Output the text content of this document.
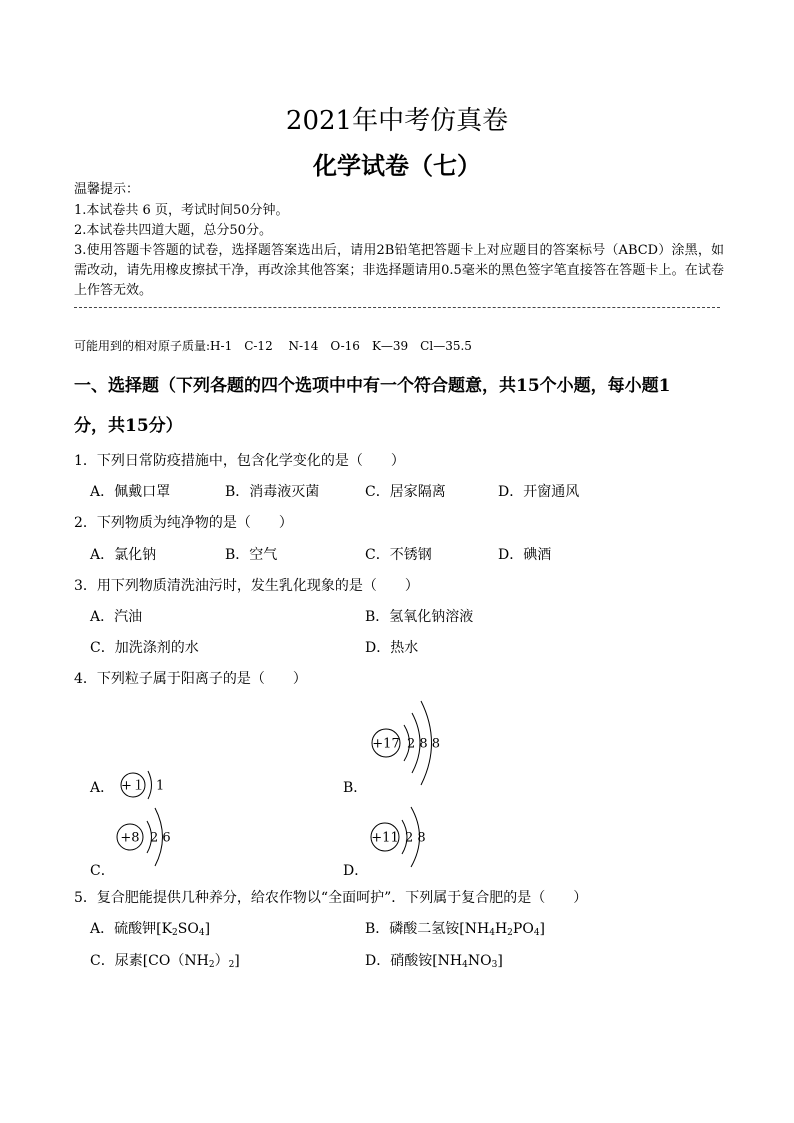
2021年中考仿真卷
化学试卷（七）
温馨提示：
1.本试卷共 6 页，考试时间50分钟。
2.本试卷共四道大题，总分50分。
3.使用答题卡答题的试卷，选择题答案选出后，请用2B铅笔把答题卡上对应题目的答案标号（ABCD）涂黑，如需改动，请先用橡皮擦拭干净，再改涂其他答案；非选择题请用0.5毫米的黑色签字笔直接答在答题卡上。在试卷上作答无效。
可能用到的相对原子质量:H-1　C-12　 N-14　O-16　K—39　Cl—35.5
一、选择题（下列各题的四个选项中中有一个符合题意，共15个小题，每小题1
分，共15分）
1．下列日常防疫措施中，包含化学变化的是（　　）
A．佩戴口罩	B．消毒液灭菌	C．居家隔离	D．开窗通风
2．下列物质为纯净物的是（　　）
A．氯化钠	B．空气	C．不锈钢	D．碘酒
3．用下列物质清洗油污时，发生乳化现象的是（　　）
A．汽油	B．氢氧化钠溶液
C．加洗涤剂的水	D．热水
4．下列粒子属于阳离子的是（　　）
+１ 1
A．
+17 2 8 8
B．
+8 2 6
C．
+11 2 8
D．
5．复合肥能提供几种养分，给农作物以“全面呵护”．下列属于复合肥的是（　　）
A．硫酸钾$[K_2SO_4]$	B．磷酸二氢铵$[NH_4H_2PO_4]$
C．尿素$[CO(NH_2)_2]$	D．硝酸铵$[NH_4NO_3]$
